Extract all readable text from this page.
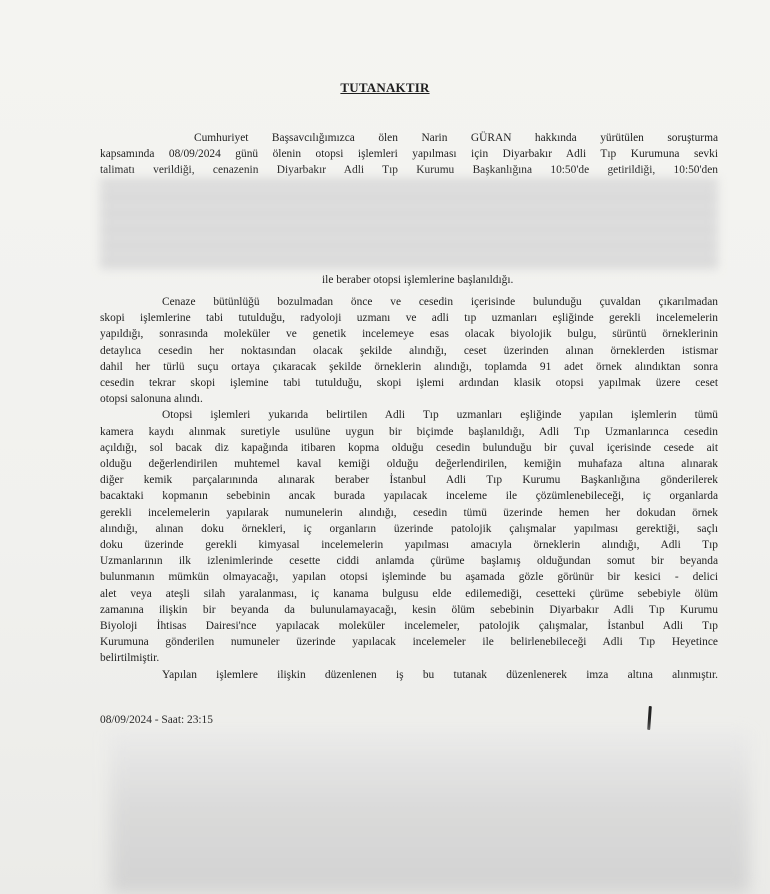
TUTANAKTIR
Cumhuriyet Başsavcılığımızca ölen Narin GÜRAN hakkında yürütülen soruşturma
kapsamında 08/09/2024 günü ölenin otopsi işlemleri yapılması için Diyarbakır Adli Tıp Kurumuna sevki
talimatı verildiği, cenazenin Diyarbakır Adli Tıp Kurumu Başkanlığına 10:50'de getirildiği, 10:50'den
ile beraber otopsi işlemlerine başlanıldığı.
Cenaze bütünlüğü bozulmadan önce ve cesedin içerisinde bulunduğu çuvaldan çıkarılmadan
skopi işlemlerine tabi tutulduğu, radyoloji uzmanı ve adli tıp uzmanları eşliğinde gerekli incelemelerin
yapıldığı, sonrasında moleküler ve genetik incelemeye esas olacak biyolojik bulgu, sürüntü örneklerinin
detaylıca cesedin her noktasından olacak şekilde alındığı, ceset üzerinden alınan örneklerden istismar
dahil her türlü suçu ortaya çıkaracak şekilde örneklerin alındığı, toplamda 91 adet örnek alındıktan sonra
cesedin tekrar skopi işlemine tabi tutulduğu, skopi işlemi ardından klasik otopsi yapılmak üzere ceset
otopsi salonuna alındı.
Otopsi işlemleri yukarıda belirtilen Adli Tıp uzmanları eşliğinde yapılan işlemlerin tümü
kamera kaydı alınmak suretiyle usulüne uygun bir biçimde başlanıldığı, Adli Tıp Uzmanlarınca cesedin
açıldığı, sol bacak diz kapağında itibaren kopma olduğu cesedin bulunduğu bir çuval içerisinde cesede ait
olduğu değerlendirilen muhtemel kaval kemiği olduğu değerlendirilen, kemiğin muhafaza altına alınarak
diğer kemik parçalarınında alınarak beraber İstanbul Adli Tıp Kurumu Başkanlığına gönderilerek
bacaktaki kopmanın sebebinin ancak burada yapılacak inceleme ile çözümlenebileceği, iç organlarda
gerekli incelemelerin yapılarak numunelerin alındığı, cesedin tümü üzerinde hemen her dokudan örnek
alındığı, alınan doku örnekleri, iç organların üzerinde patolojik çalışmalar yapılması gerektiği, saçlı
doku üzerinde gerekli kimyasal incelemelerin yapılması amacıyla örneklerin alındığı, Adli Tıp
Uzmanlarının ilk izlenimlerinde cesette ciddi anlamda çürüme başlamış olduğundan somut bir beyanda
bulunmanın mümkün olmayacağı, yapılan otopsi işleminde bu aşamada gözle görünür bir kesici - delici
alet veya ateşli silah yaralanması, iç kanama bulgusu elde edilemediği, cesetteki çürüme sebebiyle ölüm
zamanına ilişkin bir beyanda da bulunulamayacağı, kesin ölüm sebebinin Diyarbakır Adli Tıp Kurumu
Biyoloji İhtisas Dairesi'nce yapılacak moleküler incelemeler, patolojik çalışmalar, İstanbul Adli Tıp
Kurumuna gönderilen numuneler üzerinde yapılacak incelemeler ile belirlenebileceği Adli Tıp Heyetince
belirtilmiştir.
Yapılan işlemlere ilişkin düzenlenen iş bu tutanak düzenlenerek imza altına alınmıştır.
08/09/2024 - Saat: 23:15
